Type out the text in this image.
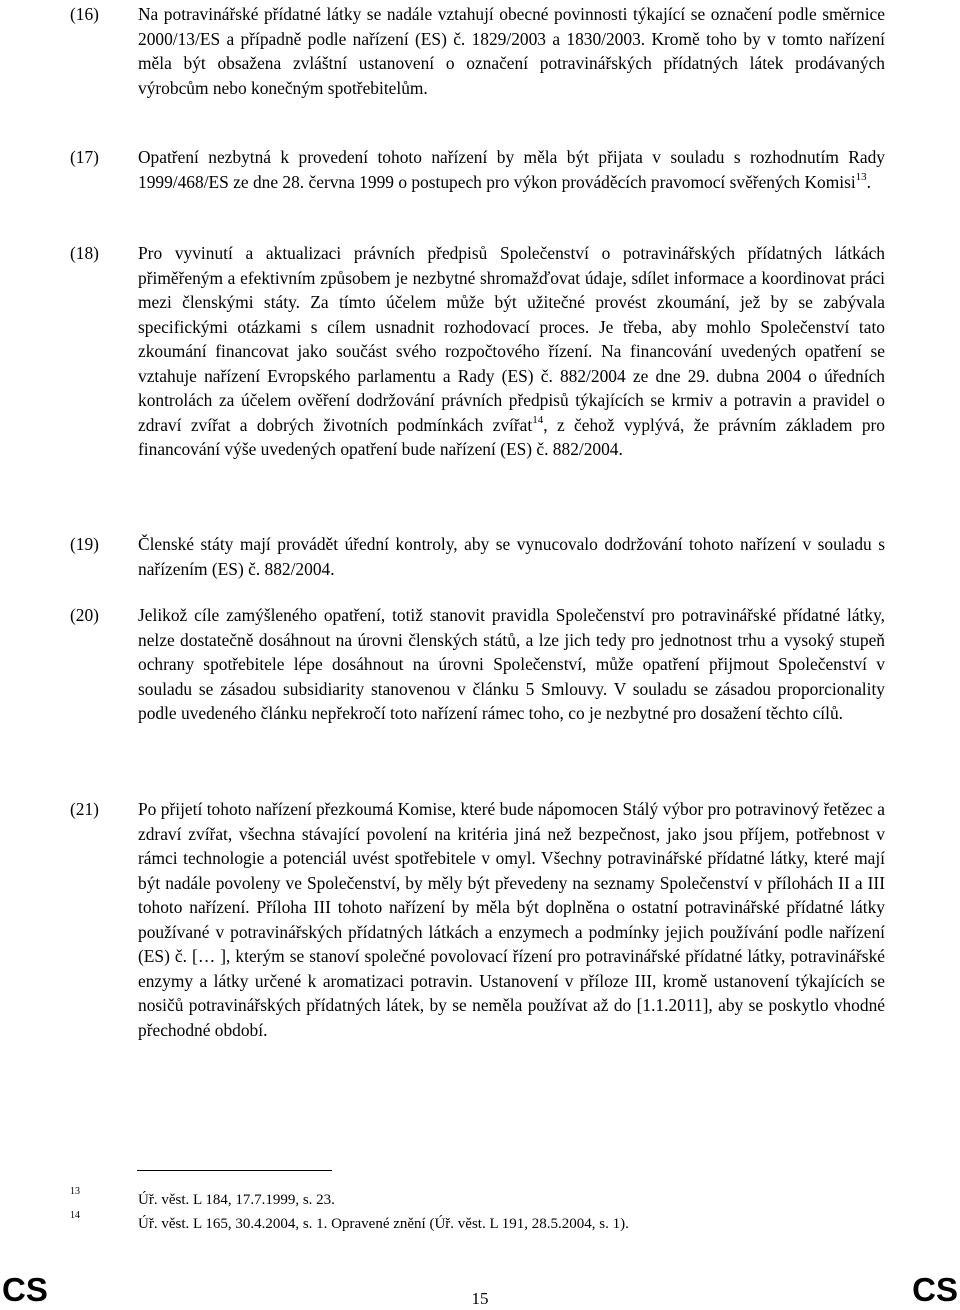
(16)	Na potravinářské přídatné látky se nadále vztahují obecné povinnosti týkající se označení podle směrnice 2000/13/ES a případně podle nařízení (ES) č. 1829/2003 a 1830/2003. Kromě toho by v tomto nařízení měla být obsažena zvláštní ustanovení o označení potravinářských přídatných látek prodávaných výrobcům nebo konečným spotřebitelům.
(17)	Opatření nezbytná k provedení tohoto nařízení by měla být přijata v souladu s rozhodnutím Rady 1999/468/ES ze dne 28. června 1999 o postupech pro výkon prováděcích pravomocí svěřených Komisi$^{13}$.
(18)	Pro vyvinutí a aktualizaci právních předpisů Společenství o potravinářských přídatných látkách přiměřeným a efektivním způsobem je nezbytné shromažďovat údaje, sdílet informace a koordinovat práci mezi členskými státy. Za tímto účelem může být užitečné provést zkoumání, jež by se zabývala specifickými otázkami s cílem usnadnit rozhodovací proces. Je třeba, aby mohlo Společenství tato zkoumání financovat jako součást svého rozpočtového řízení. Na financování uvedených opatření se vztahuje nařízení Evropského parlamentu a Rady (ES) č. 882/2004 ze dne 29. dubna 2004 o úředních kontrolách za účelem ověření dodržování právních předpisů týkajících se krmiv a potravin a pravidel o zdraví zvířat a dobrých životních podmínkách zvířat$^{14}$, z čehož vyplývá, že právním základem pro financování výše uvedených opatření bude nařízení (ES) č. 882/2004.
(19)	Členské státy mají provádět úřední kontroly, aby se vynucovalo dodržování tohoto nařízení v souladu s nařízením (ES) č. 882/2004.
(20)	Jelikož cíle zamýšleného opatření, totiž stanovit pravidla Společenství pro potravinářské přídatné látky, nelze dostatečně dosáhnout na úrovni členských států, a lze jich tedy pro jednotnost trhu a vysoký stupeň ochrany spotřebitele lépe dosáhnout na úrovni Společenství, může opatření přijmout Společenství v souladu se zásadou subsidiarity stanovenou v článku 5 Smlouvy. V souladu se zásadou proporcionality podle uvedeného článku nepřekročí toto nařízení rámec toho, co je nezbytné pro dosažení těchto cílů.
(21)	Po přijetí tohoto nařízení přezkoumá Komise, které bude nápomocen Stálý výbor pro potravinový řetězec a zdraví zvířat, všechna stávající povolení na kritéria jiná než bezpečnost, jako jsou příjem, potřebnost v rámci technologie a potenciál uvést spotřebitele v omyl. Všechny potravinářské přídatné látky, které mají být nadále povoleny ve Společenství, by měly být převedeny na seznamy Společenství v přílohách II a III tohoto nařízení. Příloha III tohoto nařízení by měla být doplněna o ostatní potravinářské přídatné látky používané v potravinářských přídatných látkách a enzymech a podmínky jejich používání podle nařízení (ES) č. [… ], kterým se stanoví společné povolovací řízení pro potravinářské přídatné látky, potravinářské enzymy a látky určené k aromatizaci potravin. Ustanovení v příloze III, kromě ustanovení týkajících se nosičů potravinářských přídatných látek, by se neměla používat až do [1.1.2011], aby se poskytlo vhodné přechodné období.
13
Úř. věst. L 184, 17.7.1999, s. 23.
14
Úř. věst. L 165, 30.4.2004, s. 1. Opravené znění (Úř. věst. L 191, 28.5.2004, s. 1).
CS	15	CS
